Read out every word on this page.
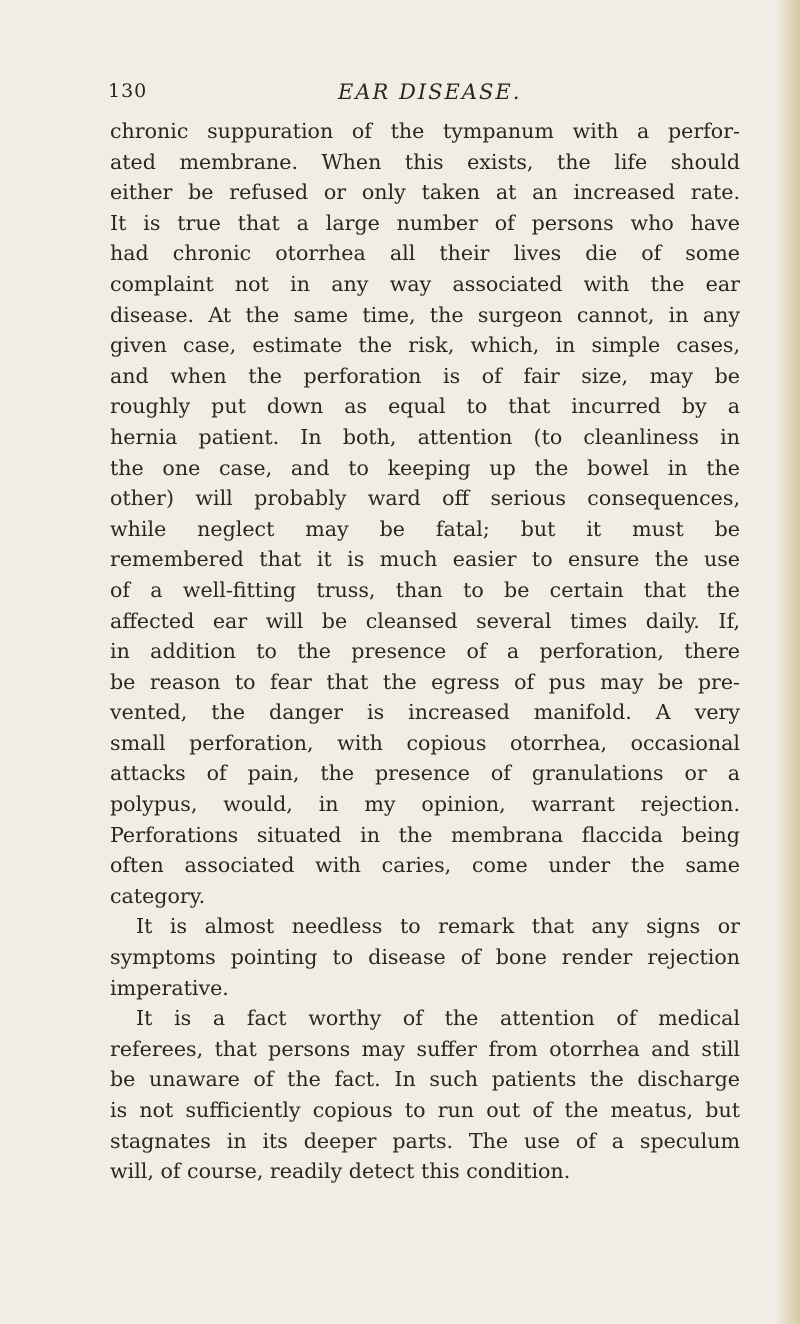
130	EAR DISEASE.
chronic suppuration of the tympanum with a perfor-
ated membrane. When this exists, the life should
either be refused or only taken at an increased rate.
It is true that a large number of persons who have
had chronic otorrhea all their lives die of some
complaint not in any way associated with the ear
disease. At the same time, the surgeon cannot, in any
given case, estimate the risk, which, in simple cases,
and when the perforation is of fair size, may be
roughly put down as equal to that incurred by a
hernia patient. In both, attention (to cleanliness in
the one case, and to keeping up the bowel in the
other) will probably ward off serious consequences,
while neglect may be fatal; but it must be
remembered that it is much easier to ensure the use
of a well-fitting truss, than to be certain that the
affected ear will be cleansed several times daily. If,
in addition to the presence of a perforation, there
be reason to fear that the egress of pus may be pre-
vented, the danger is increased manifold. A very
small perforation, with copious otorrhea, occasional
attacks of pain, the presence of granulations or a
polypus, would, in my opinion, warrant rejection.
Perforations situated in the membrana flaccida being
often associated with caries, come under the same
category.
It is almost needless to remark that any signs or
symptoms pointing to disease of bone render rejection
imperative.
It is a fact worthy of the attention of medical
referees, that persons may suffer from otorrhea and still
be unaware of the fact. In such patients the discharge
is not sufficiently copious to run out of the meatus, but
stagnates in its deeper parts. The use of a speculum
will, of course, readily detect this condition.
